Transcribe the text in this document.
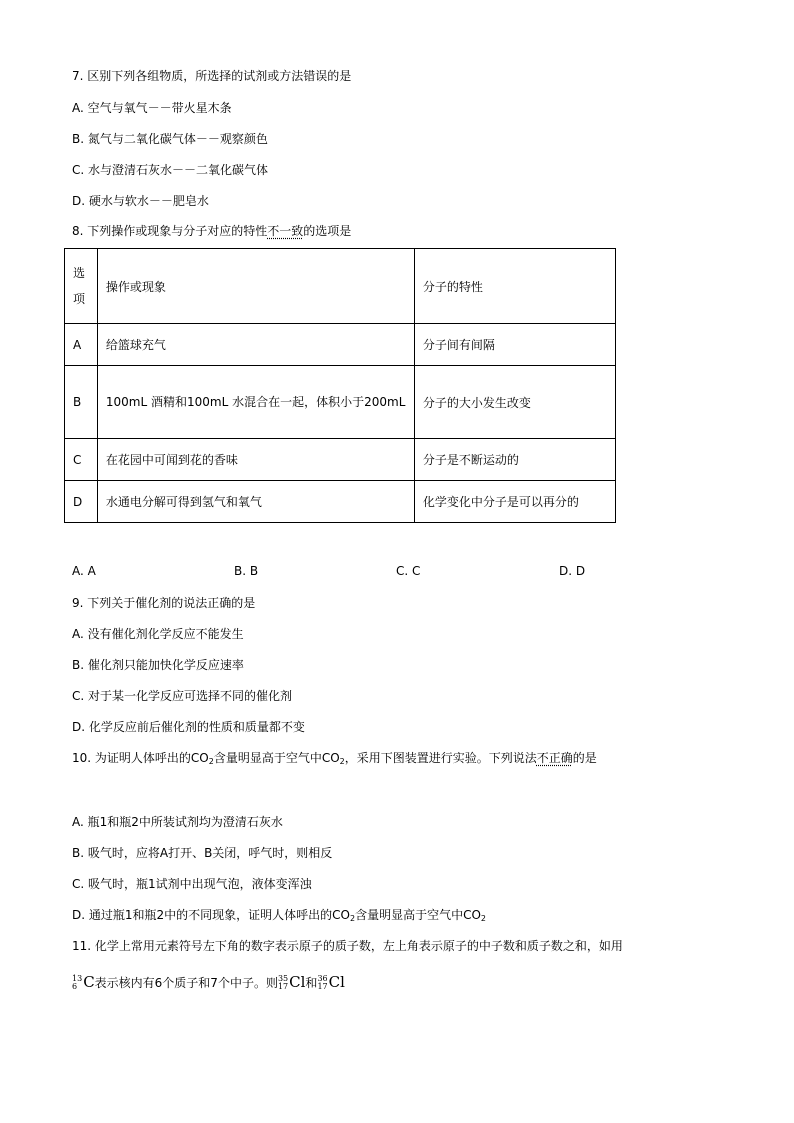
7. 区别下列各组物质，所选择的试剂或方法错误的是
A. 空气与氧气－－带火星木条
B. 氮气与二氧化碳气体－－观察颜色
C. 水与澄清石灰水－－二氧化碳气体
D. 硬水与软水－－肥皂水
8. 下列操作或现象与分子对应的特性不一致的选项是
选项	操作或现象	分子的特性
A	给篮球充气	分子间有间隔
B	100mL 酒精和100mL 水混合在一起，体积小于200mL	分子的大小发生改变
C	在花园中可闻到花的香味	分子是不断运动的
D	水通电分解可得到氢气和氧气	化学变化中分子是可以再分的
A. A	B. B	C. C	D. D
9. 下列关于催化剂的说法正确的是
A. 没有催化剂化学反应不能发生
B. 催化剂只能加快化学反应速率
C. 对于某一化学反应可选择不同的催化剂
D. 化学反应前后催化剂的性质和质量都不变
10. 为证明人体呼出的$CO_2$含量明显高于空气中$CO_2$，采用下图装置进行实验。下列说法不正确的是
A. 瓶1和瓶2中所装试剂均为澄清石灰水
B. 吸气时，应将A打开、B关闭，呼气时，则相反
C. 吸气时，瓶1试剂中出现气泡，液体变浑浊
D. 通过瓶1和瓶2中的不同现象，证明人体呼出的$CO_2$含量明显高于空气中$CO_2$
11. 化学上常用元素符号左下角的数字表示原子的质子数，左上角表示原子的中子数和质子数之和，如用
13
6 C表示核内有6个质子和7个中子。则 35
17 Cl和 36
17 Cl
